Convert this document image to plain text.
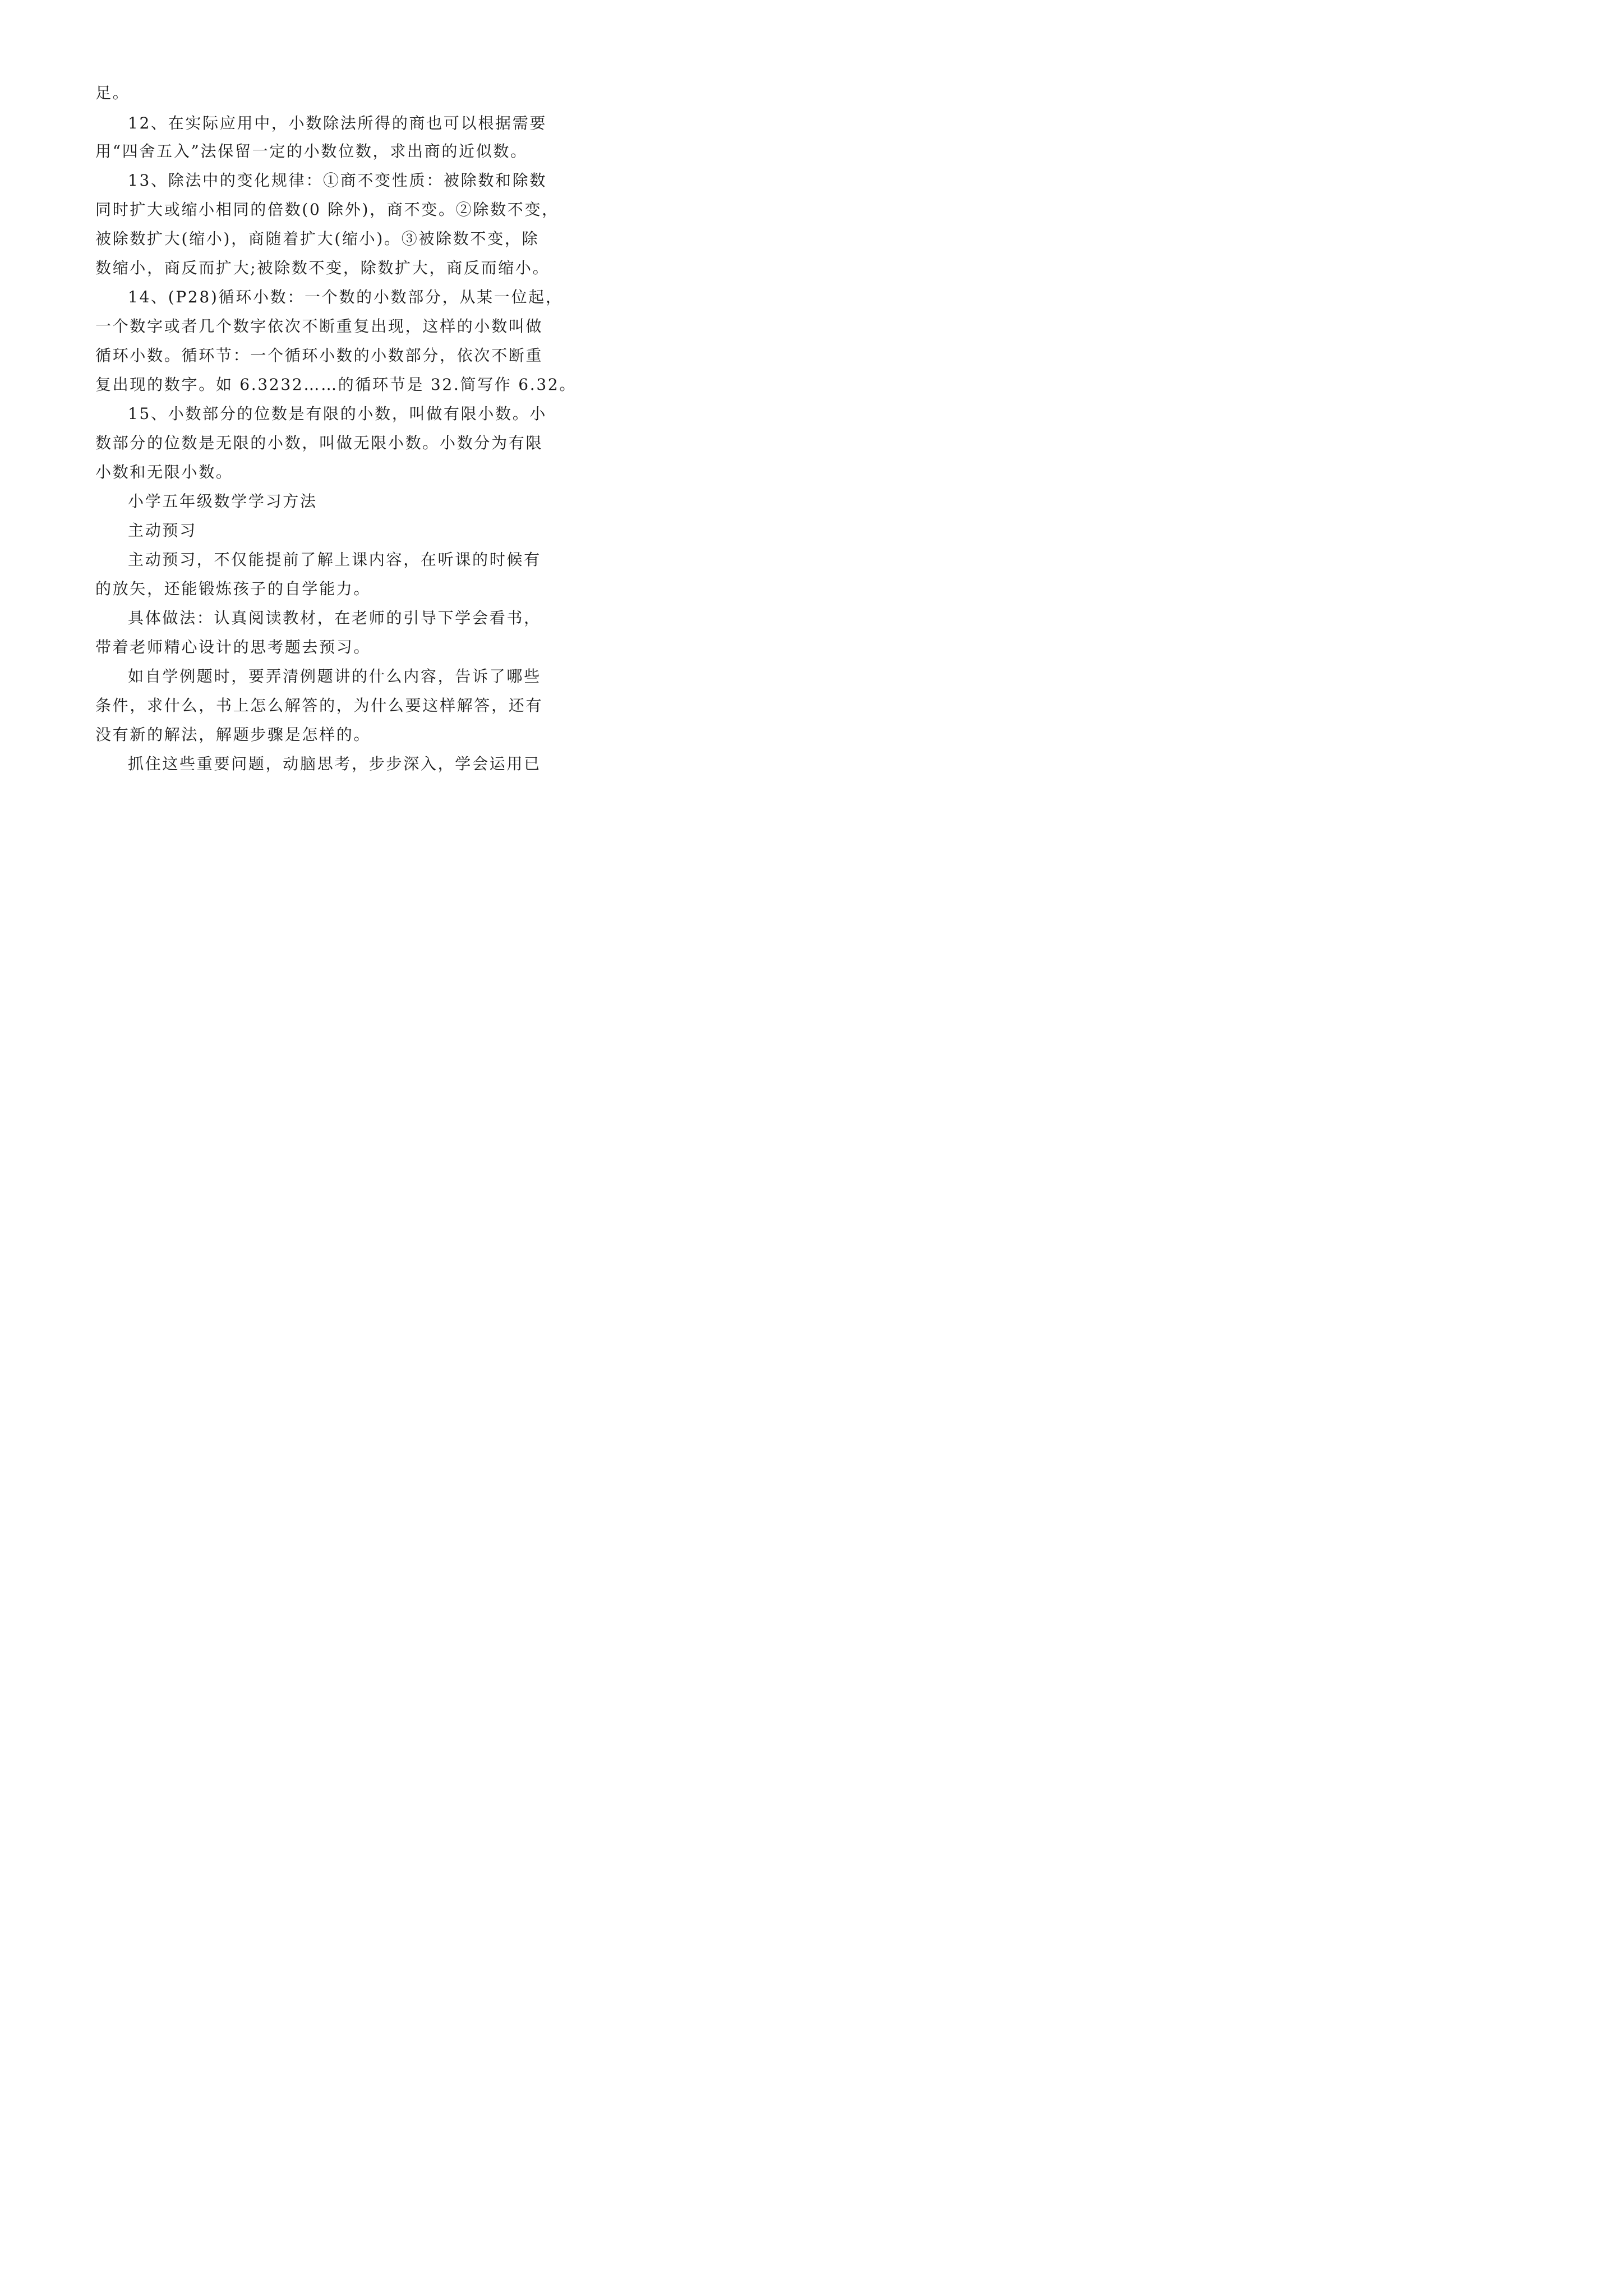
足。
12、在实际应用中，小数除法所得的商也可以根据需要
用“四舍五入”法保留一定的小数位数，求出商的近似数。
13、除法中的变化规律：①商不变性质：被除数和除数
同时扩大或缩小相同的倍数(0 除外)，商不变。②除数不变，
被除数扩大(缩小)，商随着扩大(缩小)。③被除数不变，除
数缩小，商反而扩大;被除数不变，除数扩大，商反而缩小。
14、(P28)循环小数：一个数的小数部分，从某一位起，
一个数字或者几个数字依次不断重复出现，这样的小数叫做
循环小数。循环节：一个循环小数的小数部分，依次不断重
复出现的数字。如 6.3232……的循环节是 32.简写作 6.32。
15、小数部分的位数是有限的小数，叫做有限小数。小
数部分的位数是无限的小数，叫做无限小数。小数分为有限
小数和无限小数。
小学五年级数学学习方法
主动预习
主动预习，不仅能提前了解上课内容，在听课的时候有
的放矢，还能锻炼孩子的自学能力。
具体做法：认真阅读教材，在老师的引导下学会看书，
带着老师精心设计的思考题去预习。
如自学例题时，要弄清例题讲的什么内容，告诉了哪些
条件，求什么，书上怎么解答的，为什么要这样解答，还有
没有新的解法，解题步骤是怎样的。
抓住这些重要问题，动脑思考，步步深入，学会运用已
